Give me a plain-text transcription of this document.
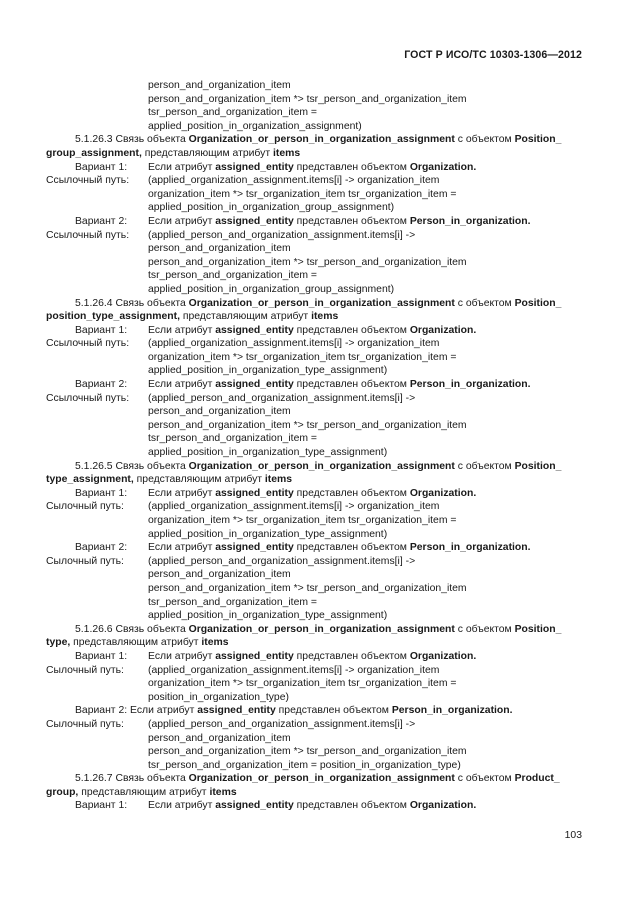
ГОСТ Р ИСО/ТС 10303-1306—2012
person_and_organization_item
person_and_organization_item *> tsr_person_and_organization_item
tsr_person_and_organization_item =
applied_position_in_organization_assignment)
5.1.26.3 Связь объекта Organization_or_person_in_organization_assignment с объектом Position_
group_assignment, представляющим атрибут items
Вариант 1:	Если атрибут assigned_entity представлен объектом Organization.
Ссылочный путь:	(applied_organization_assignment.items[i] -> organization_item
organization_item *> tsr_organization_item tsr_organization_item =
applied_position_in_organization_group_assignment)
Вариант 2:	Если атрибут assigned_entity представлен объектом Person_in_organization.
Ссылочный путь:	(applied_person_and_organization_assignment.items[i] ->
person_and_organization_item
person_and_organization_item *> tsr_person_and_organization_item
tsr_person_and_organization_item =
applied_position_in_organization_group_assignment)
5.1.26.4 Связь объекта Organization_or_person_in_organization_assignment с объектом Position_
position_type_assignment, представляющим атрибут items
Вариант 1:	Если атрибут assigned_entity представлен объектом Organization.
Ссылочный путь:	(applied_organization_assignment.items[i] -> organization_item
organization_item *> tsr_organization_item tsr_organization_item =
applied_position_in_organization_type_assignment)
Вариант 2:	Если атрибут assigned_entity представлен объектом Person_in_organization.
Ссылочный путь:	(applied_person_and_organization_assignment.items[i] ->
person_and_organization_item
person_and_organization_item *> tsr_person_and_organization_item
tsr_person_and_organization_item =
applied_position_in_organization_type_assignment)
5.1.26.5 Связь объекта Organization_or_person_in_organization_assignment с объектом Position_
type_assignment, представляющим атрибут items
Вариант 1:	Если атрибут assigned_entity представлен объектом Organization.
Сылочный путь:	(applied_organization_assignment.items[i] -> organization_item
organization_item *> tsr_organization_item tsr_organization_item =
applied_position_in_organization_type_assignment)
Вариант 2:	Если атрибут assigned_entity представлен объектом Person_in_organization.
Сылочный путь:	(applied_person_and_organization_assignment.items[i] ->
person_and_organization_item
person_and_organization_item *> tsr_person_and_organization_item
tsr_person_and_organization_item =
applied_position_in_organization_type_assignment)
5.1.26.6 Связь объекта Organization_or_person_in_organization_assignment с объектом Position_
type, представляющим атрибут items
Вариант 1:	Если атрибут assigned_entity представлен объектом Organization.
Сылочный путь:	(applied_organization_assignment.items[i] -> organization_item
organization_item *> tsr_organization_item tsr_organization_item =
position_in_organization_type)
Вариант 2: Если атрибут assigned_entity представлен объектом Person_in_organization.
Сылочный путь:	(applied_person_and_organization_assignment.items[i] ->
person_and_organization_item
person_and_organization_item *> tsr_person_and_organization_item
tsr_person_and_organization_item = position_in_organization_type)
5.1.26.7 Связь объекта Organization_or_person_in_organization_assignment с объектом Product_
group, представляющим атрибут items
Вариант 1:	Если атрибут assigned_entity представлен объектом Organization.
103
